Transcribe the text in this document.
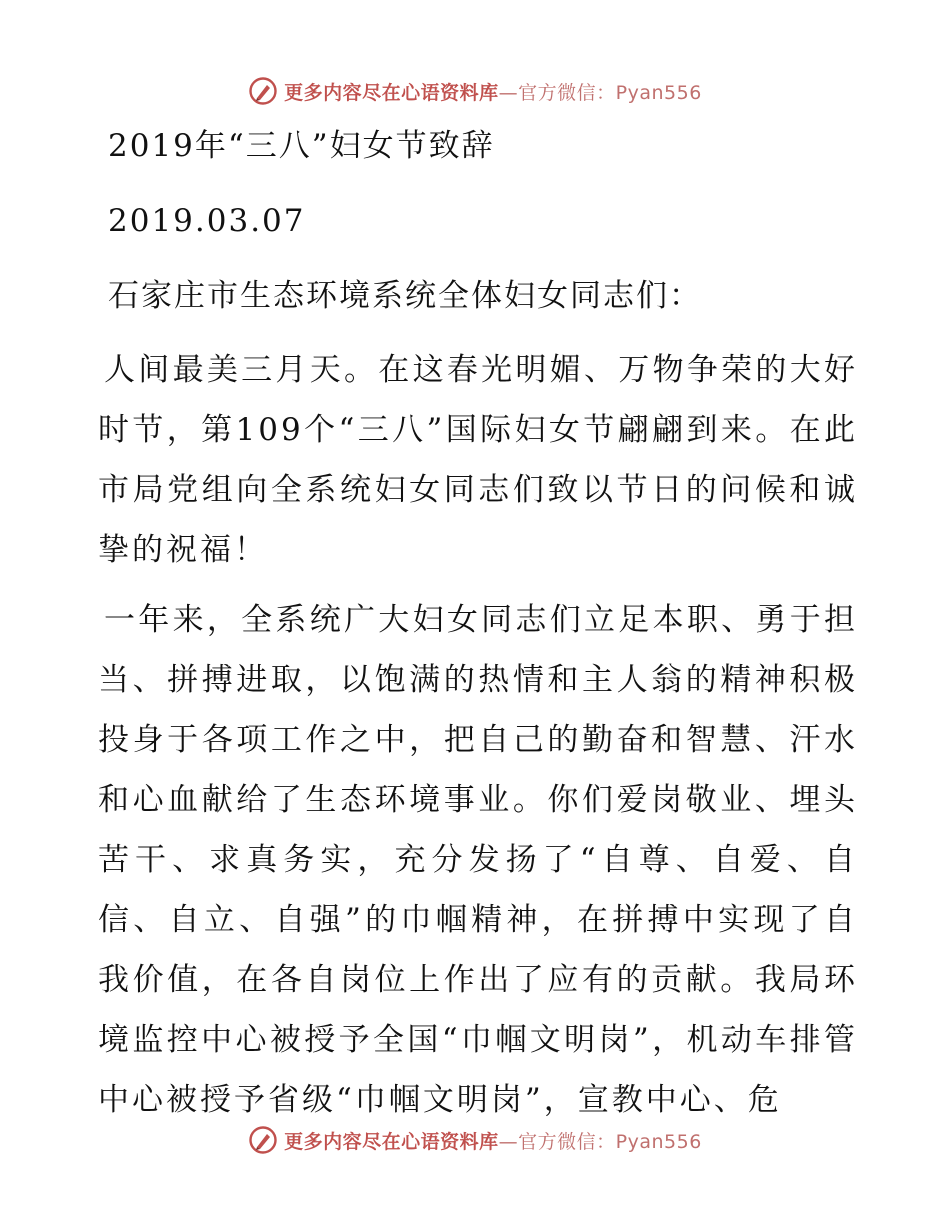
更多内容尽在心语资料库—官方微信：Pyan556
2019年“三八”妇女节致辞
2019.03.07
石家庄市生态环境系统全体妇女同志们：
人间最美三月天。在这春光明媚、万物争荣的大好时节，第109个“三八”国际妇女节翩翩到来。在此市局党组向全系统妇女同志们致以节日的问候和诚挚的祝福！
一年来，全系统广大妇女同志们立足本职、勇于担当、拼搏进取，以饱满的热情和主人翁的精神积极投身于各项工作之中，把自己的勤奋和智慧、汗水和心血献给了生态环境事业。你们爱岗敬业、埋头苦干、求真务实，充分发扬了“自尊、自爱、自信、自立、自强”的巾帼精神，在拼搏中实现了自我价值，在各自岗位上作出了应有的贡献。我局环境监控中心被授予全国“巾帼文明岗”，机动车排管中心被授予省级“巾帼文明岗”，宣教中心、危
更多内容尽在心语资料库—官方微信：Pyan556
